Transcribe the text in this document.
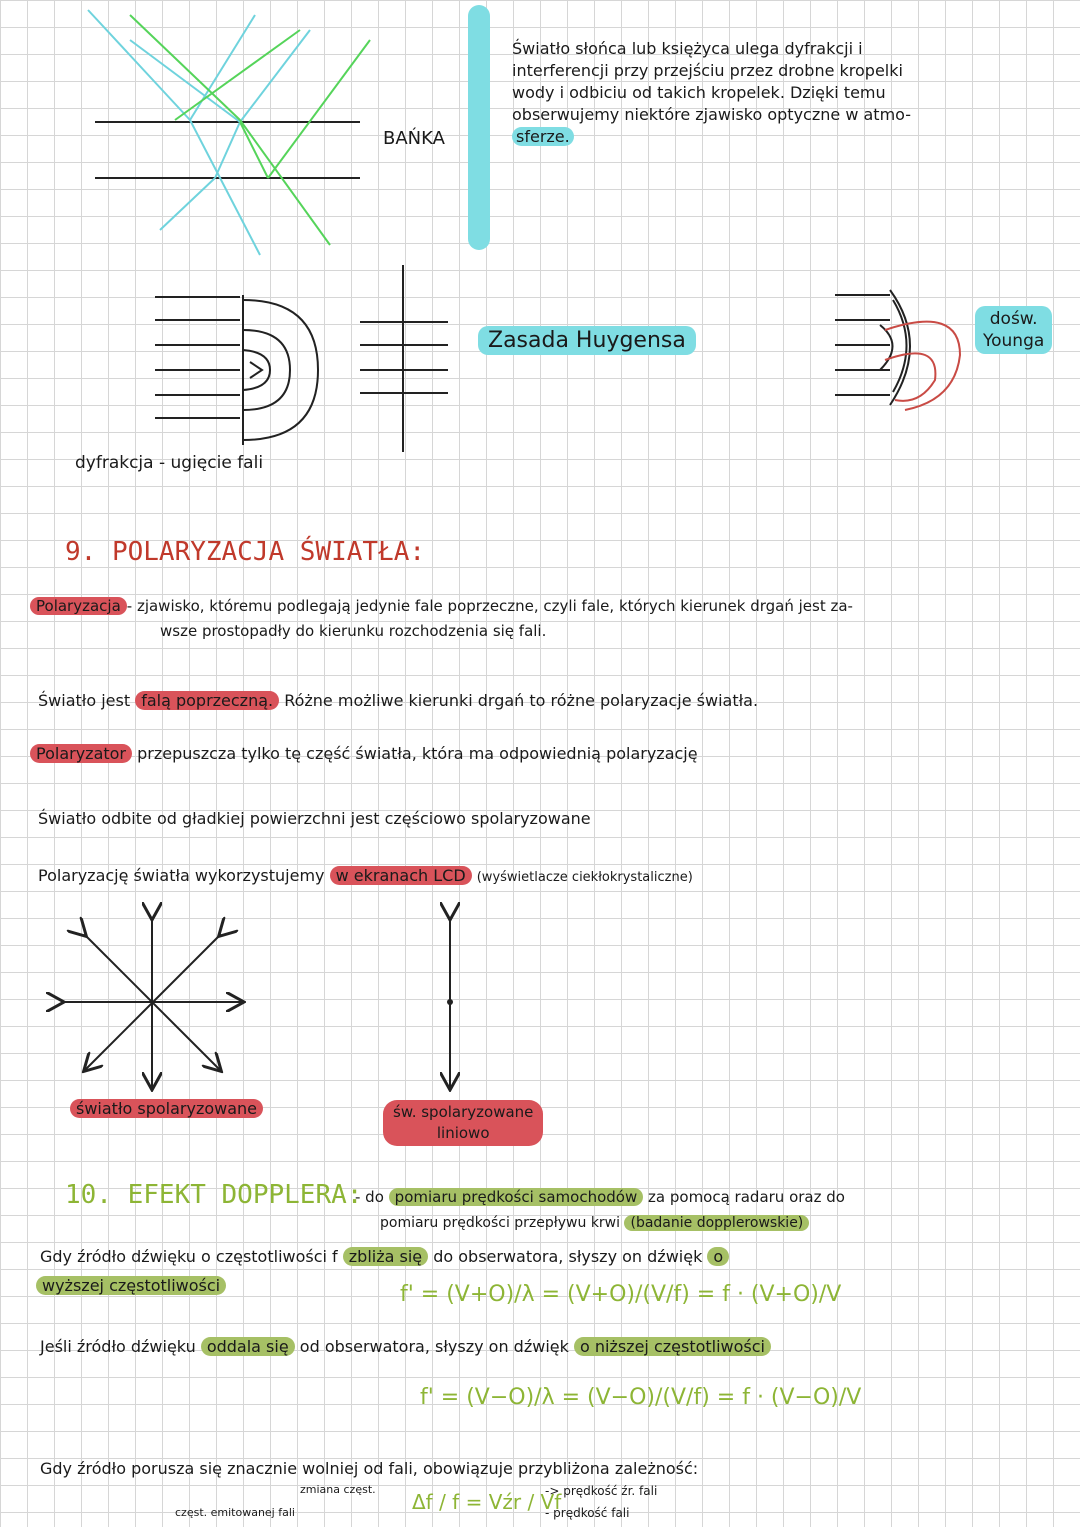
BAŃKA
Światło słońca lub księżyca ulega dyfrakcji i
interferencji przy przejściu przez drobne kropelki
wody i odbiciu od takich kropelek. Dzięki temu
obserwujemy niektóre zjawisko optyczne w atmo-
sferze.
dyfrakcja - ugięcie fali
Zasada Huygensa
dośw.
Younga
9. POLARYZACJA ŚWIATŁA:
Polaryzacja - zjawisko, któremu podlegają jedynie fale poprzeczne, czyli fale, których kierunek drgań jest za-
wsze prostopadły do kierunku rozchodzenia się fali.
Światło jest falą poprzeczną. Różne możliwe kierunki drgań to różne polaryzacje światła.
Polaryzator przepuszcza tylko tę część światła, która ma odpowiednią polaryzację
Światło odbite od gładkiej powierzchni jest częściowo spolaryzowane
Polaryzację światła wykorzystujemy w ekranach LCD (wyświetlacze ciekłokrystaliczne)
światło spolaryzowane	św. spolaryzowane
liniowo
10. EFEKT DOPPLERA:
- do pomiaru prędkości samochodów za pomocą radaru oraz do
pomiaru prędkości przepływu krwi (badanie dopplerowskie)
Gdy źródło dźwięku o częstotliwości f zbliża się do obserwatora, słyszy on dźwięk o
wyższej częstotliwości	f' = (V+O)/λ = (V+O)/(V/f) = f · (V+O)/V
Jeśli źródło dźwięku oddala się od obserwatora, słyszy on dźwięk o niższej częstotliwości
f' = (V−O)/λ = (V−O)/(V/f) = f · (V−O)/V
Gdy źródło porusza się znacznie wolniej od fali, obowiązuje przybliżona zależność:
Δf / f = Vźr / Vf
zmiana częst.
częst. emitowanej fali
-> prędkość źr. fali
- prędkość fali
